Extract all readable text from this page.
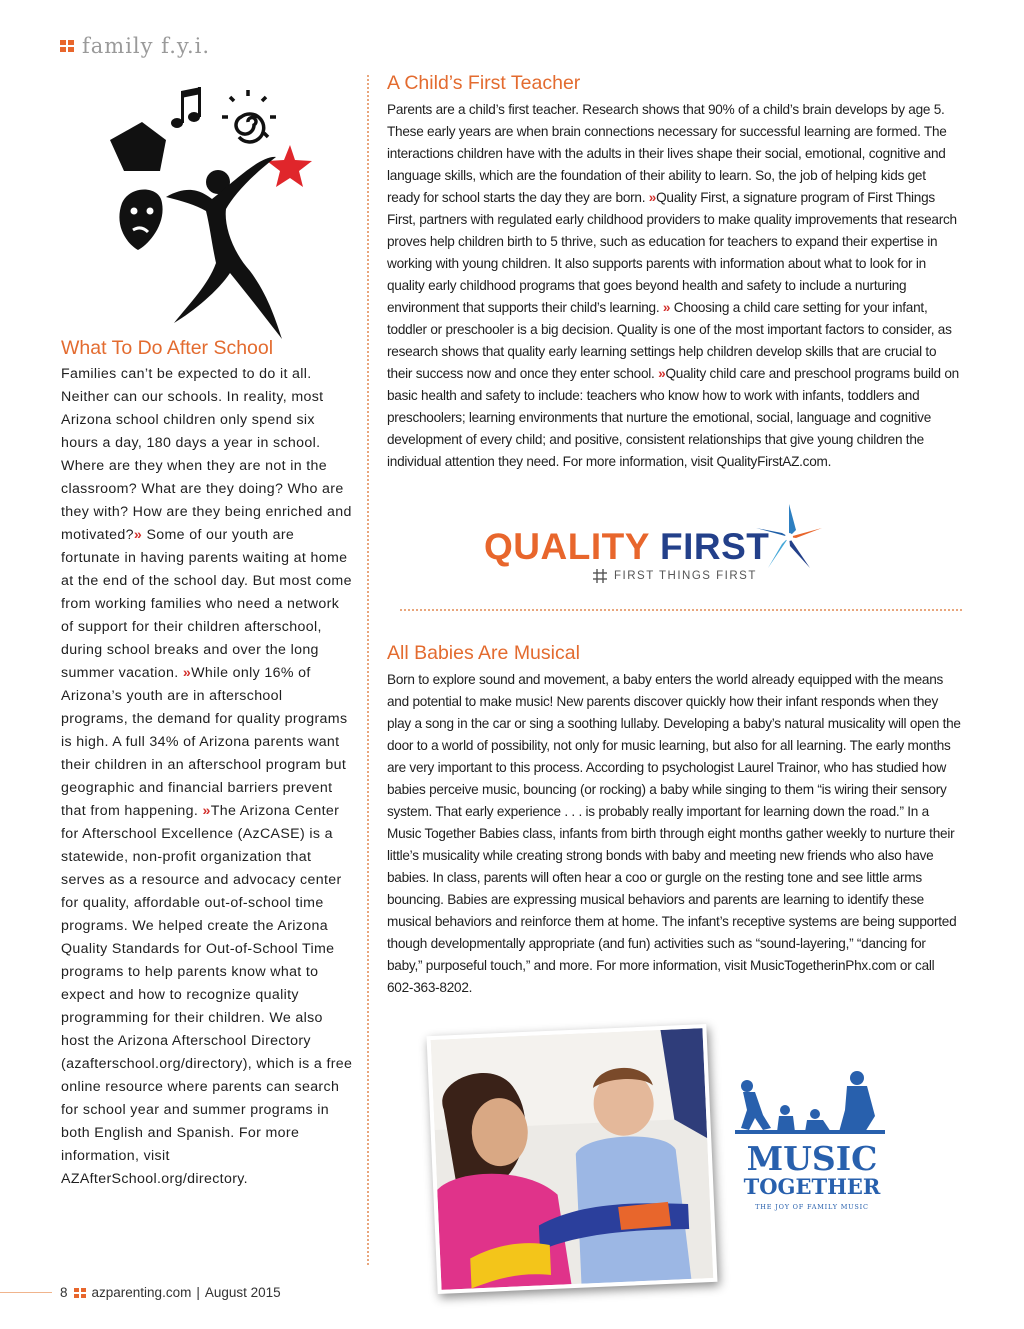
family f.y.i.
What To Do After School

Families can’t be expected to do it all. Neither can our schools. In reality, most Arizona school children only spend six hours a day, 180 days a year in school. Where are they when they are not in the classroom? What are they doing? Who are they with? How are they being enriched and motivated?» Some of our youth are fortunate in having parents waiting at home at the end of the school day. But most come from working families who need a network of support for their children afterschool, during school breaks and over the long summer vacation. »While only 16% of Arizona’s youth are in afterschool programs, the demand for quality programs is high. A full 34% of Arizona parents want their children in an afterschool program but geographic and financial barriers prevent that from happening. »The Arizona Center for Afterschool Excellence (AzCASE) is a statewide, non-profit organization that serves as a resource and advocacy center for quality, affordable out-of-school time programs. We helped create the Arizona Quality Standards for Out-of-School Time programs to help parents know what to expect and how to recognize quality programming for their children. We also host the Arizona Afterschool Directory (azafterschool.org/directory), which is a free online resource where parents can search for school year and summer programs in both English and Spanish. For more information, visit AZAfterSchool.org/directory.

A Child’s First Teacher

Parents are a child’s first teacher. Research shows that 90% of a child’s brain develops by age 5. These early years are when brain connections necessary for successful learning are formed. The interactions children have with the adults in their lives shape their social, emotional, cognitive and language skills, which are the foundation of their ability to learn. So, the job of helping kids get ready for school starts the day they are born. »Quality First, a signature program of First Things First, partners with regulated early childhood providers to make quality improvements that research proves help children birth to 5 thrive, such as education for teachers to expand their expertise in working with young children. It also supports parents with information about what to look for in quality early childhood programs that goes beyond health and safety to include a nurturing environment that supports their child’s learning. » Choosing a child care setting for your infant, toddler or preschooler is a big decision. Quality is one of the most important factors to consider, as research shows that quality early learning settings help children develop skills that are crucial to their success now and once they enter school. »Quality child care and preschool programs build on basic health and safety to include: teachers who know how to work with infants, toddlers and preschoolers; learning environments that nurture the emotional, social, language and cognitive development of every child; and positive, consistent relationships that give young children the individual attention they need. For more information, visit QualityFirstAZ.com.

QUALITY FIRST
FIRST THINGS FIRST
All Babies Are Musical

Born to explore sound and movement, a baby enters the world already equipped with the means and potential to make music! New parents discover quickly how their infant responds when they play a song in the car or sing a soothing lullaby. Developing a baby’s natural musicality will open the door to a world of possibility, not only for music learning, but also for all learning. The early months are very important to this process. According to psychologist Laurel Trainor, who has studied how babies perceive music, bouncing (or rocking) a baby while singing to them “is wiring their sensory system. That early experience . . . is probably really important for learning down the road.” In a Music Together Babies class, infants from birth through eight months gather weekly to nurture their little’s musicality while creating strong bonds with baby and meeting new friends who also have babies. In class, parents will often hear a coo or gurgle on the resting tone and see little arms bouncing. Babies are expressing musical behaviors and parents are learning to identify these musical behaviors and reinforce them at home. The infant’s receptive systems are being supported though developmentally appropriate (and fun) activities such as “sound-layering,” “dancing for baby,” purposeful touch,” and more. For more information, visit MusicTogetherinPhx.com or call 602-363-8202.

MUSIC
TOGETHER
THE JOY OF FAMILY MUSIC
8 azparenting.com | August 2015
